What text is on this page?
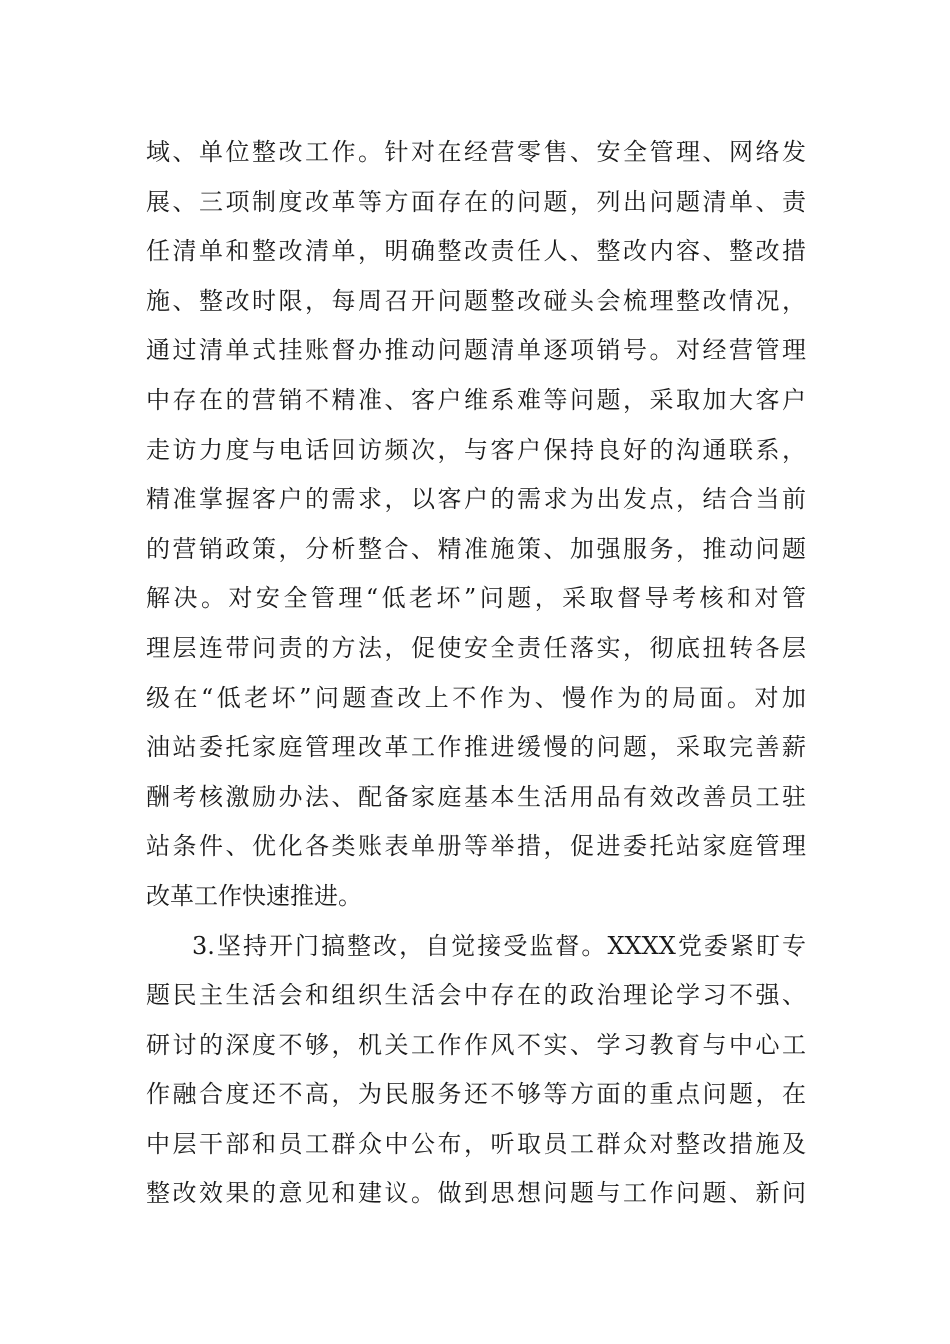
域、单位整改工作。针对在经营零售、安全管理、网络发
展、三项制度改革等方面存在的问题，列出问题清单、责
任清单和整改清单，明确整改责任人、整改内容、整改措
施、整改时限，每周召开问题整改碰头会梳理整改情况，
通过清单式挂账督办推动问题清单逐项销号。对经营管理
中存在的营销不精准、客户维系难等问题，采取加大客户
走访力度与电话回访频次，与客户保持良好的沟通联系，
精准掌握客户的需求，以客户的需求为出发点，结合当前
的营销政策，分析整合、精准施策、加强服务，推动问题
解决。对安全管理“低老坏”问题，采取督导考核和对管
理层连带问责的方法，促使安全责任落实，彻底扭转各层
级在“低老坏”问题查改上不作为、慢作为的局面。对加
油站委托家庭管理改革工作推进缓慢的问题，采取完善薪
酬考核激励办法、配备家庭基本生活用品有效改善员工驻
站条件、优化各类账表单册等举措，促进委托站家庭管理
改革工作快速推进。
3.坚持开门搞整改，自觉接受监督。XXXX党委紧盯专
题民主生活会和组织生活会中存在的政治理论学习不强、
研讨的深度不够，机关工作作风不实、学习教育与中心工
作融合度还不高，为民服务还不够等方面的重点问题，在
中层干部和员工群众中公布，听取员工群众对整改措施及
整改效果的意见和建议。做到思想问题与工作问题、新问
